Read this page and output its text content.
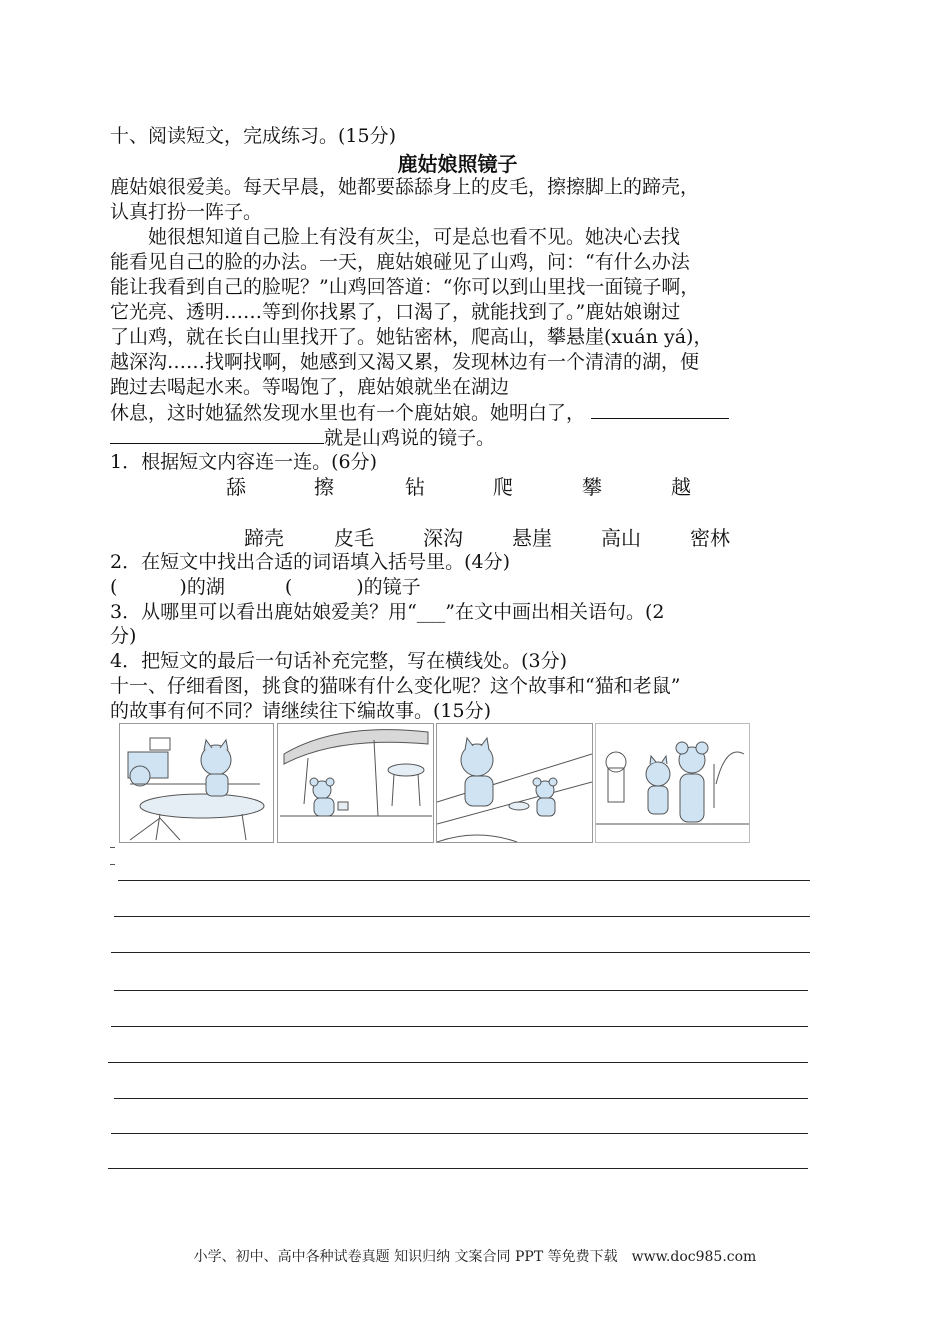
十、阅读短文，完成练习。(15分)
鹿姑娘照镜子
鹿姑娘很爱美。每天早晨，她都要舔舔身上的皮毛，擦擦脚上的蹄壳，
认真打扮一阵子。
　　她很想知道自己脸上有没有灰尘，可是总也看不见。她决心去找
能看见自己的脸的办法。一天，鹿姑娘碰见了山鸡，问：“有什么办法
能让我看到自己的脸呢？”山鸡回答道：“你可以到山里找一面镜子啊，
它光亮、透明……等到你找累了，口渴了，就能找到了。”鹿姑娘谢过
了山鸡，就在长白山里找开了。她钻密林，爬高山，攀悬崖(xuán yá)，
越深沟……找啊找啊，她感到又渴又累，发现林边有一个清清的湖，便
跑过去喝起水来。等喝饱了，鹿姑娘就坐在湖边
休息，这时她猛然发现水里也有一个鹿姑娘。她明白了，
就是山鸡说的镜子。
1．根据短文内容连一连。(6分)
舔	擦	钻	爬	攀	越
蹄壳	皮毛 深沟 悬崖 高山 密林
2．在短文中找出合适的词语填入括号里。(4分)
(	)的湖	(	)的镜子
3．从哪里可以看出鹿姑娘爱美？用“___”在文中画出相关语句。(2
分)
4．把短文的最后一句话补充完整，写在横线处。(3分)
十一、仔细看图，挑食的猫咪有什么变化呢？这个故事和“猫和老鼠”
的故事有何不同？请继续往下编故事。(15分)
小学、初中、高中各种试卷真题 知识归纳 文案合同 PPT 等免费下载　www.doc985.com
